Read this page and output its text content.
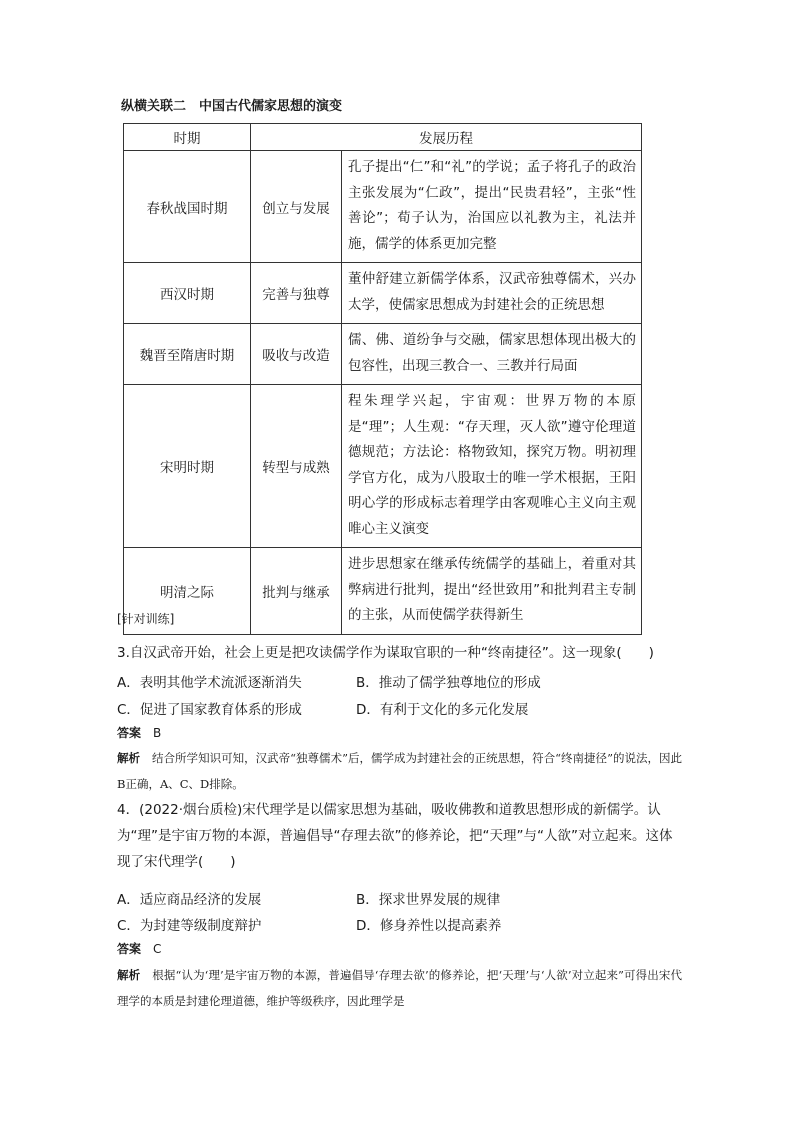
纵横关联二　中国古代儒家思想的演变
时期	发展历程	
春秋战国时期	创立与发展	孔子提出“仁”和“礼”的学说；孟子将孔子的政治主张发展为“仁政”，提出“民贵君轻”，主张“性善论”；荀子认为，治国应以礼教为主，礼法并施，儒学的体系更加完整
西汉时期	完善与独尊	董仲舒建立新儒学体系，汉武帝独尊儒术，兴办太学，使儒家思想成为封建社会的正统思想
魏晋至隋唐时期	吸收与改造	儒、佛、道纷争与交融，儒家思想体现出极大的包容性，出现三教合一、三教并行局面
宋明时期	转型与成熟	程朱理学兴起，宇宙观：世界万物的本原是“理”；人生观：“存天理，灭人欲”遵守伦理道德规范；方法论：格物致知，探究万物。明初理学官方化，成为八股取士的唯一学术根据，王阳明心学的形成标志着理学由客观唯心主义向主观唯心主义演变
明清之际	批判与继承	进步思想家在继承传统儒学的基础上，着重对其弊病进行批判，提出“经世致用”和批判君主专制的主张，从而使儒学获得新生
[针对训练]
3.自汉武帝开始，社会上更是把攻读儒学作为谋取官职的一种“终南捷径”。这一现象(　　)
A．表明其他学术流派逐渐消失	B．推动了儒学独尊地位的形成
C．促进了国家教育体系的形成	D．有利于文化的多元化发展
答案 B
解析 结合所学知识可知，汉武帝“独尊儒术”后，儒学成为封建社会的正统思想，符合“终南捷径”的说法，因此B正确，A、C、D排除。
4．(2022·烟台质检)宋代理学是以儒家思想为基础，吸收佛教和道教思想形成的新儒学。认为“理”是宇宙万物的本源，普遍倡导“存理去欲”的修养论，把“天理”与“人欲”对立起来。这体现了宋代理学(　　)
A．适应商品经济的发展	B．探求世界发展的规律
C．为封建等级制度辩护	D．修身养性以提高素养
答案 C
解析 根据“认为‘理’是宇宙万物的本源，普遍倡导‘存理去欲’的修养论，把‘天理’与‘人欲’对立起来”可得出宋代理学的本质是封建伦理道德，维护等级秩序，因此理学是
